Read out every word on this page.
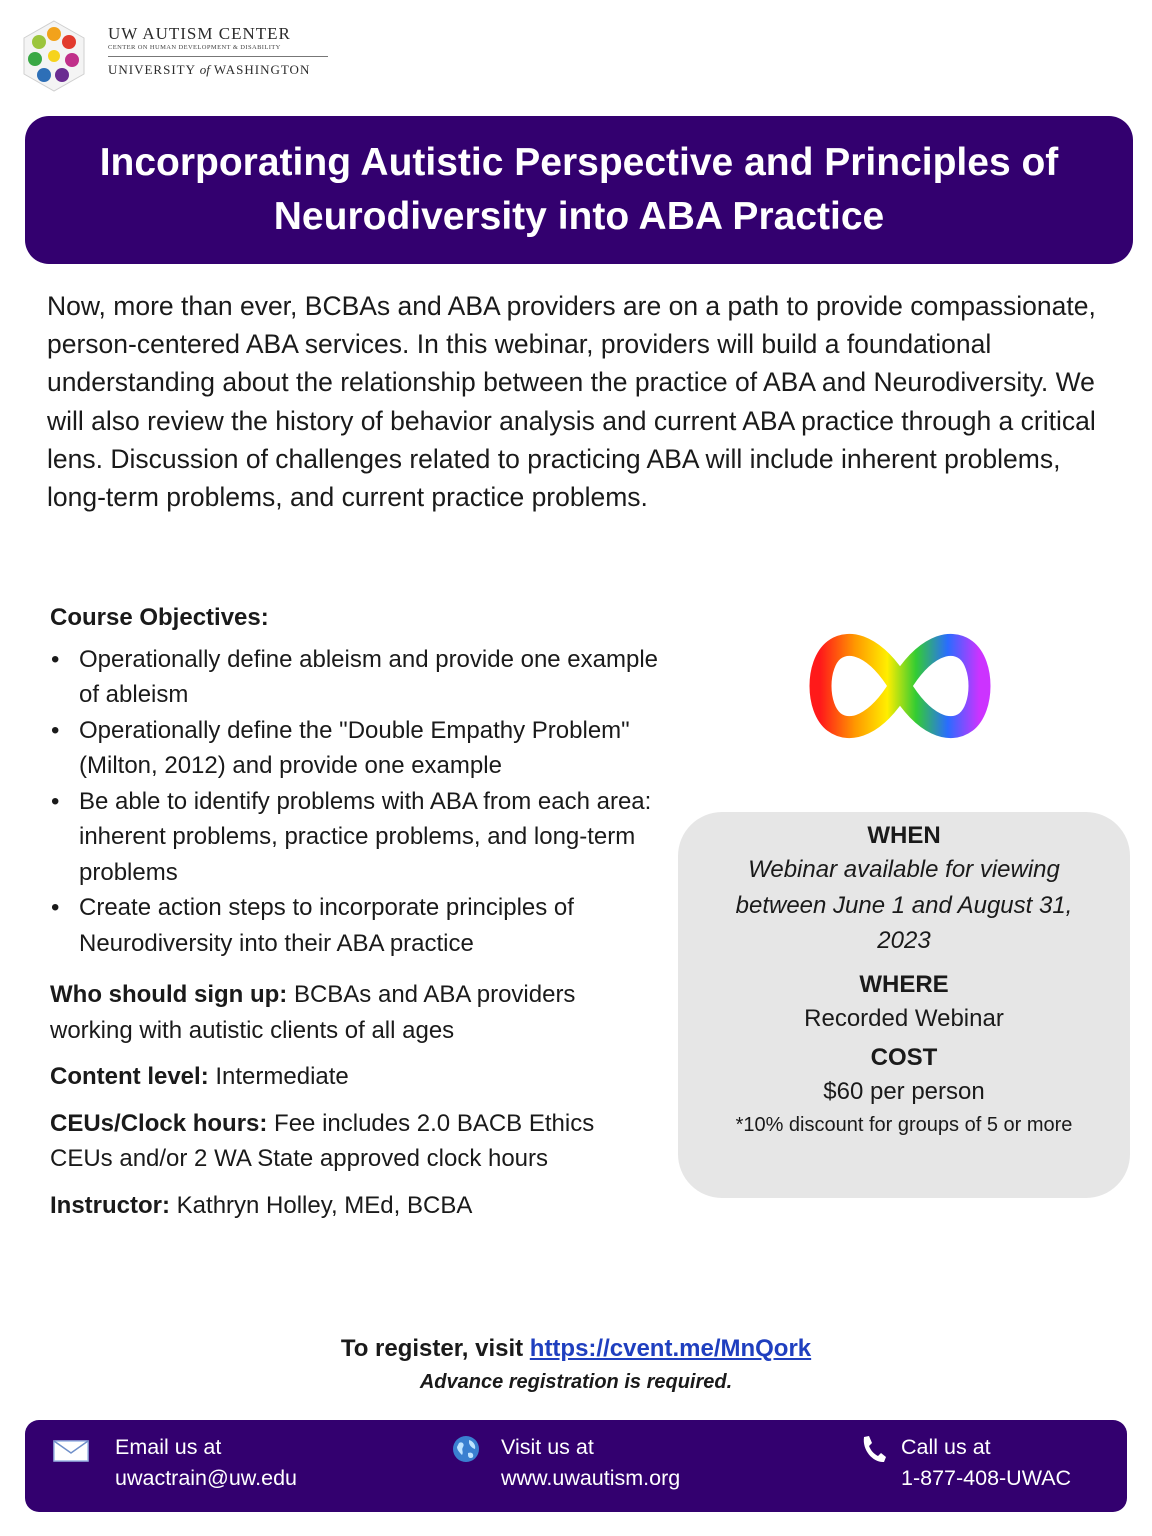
UW AUTISM CENTER
CENTER ON HUMAN DEVELOPMENT & DISABILITY
UNIVERSITY of WASHINGTON
Incorporating Autistic Perspective and Principles of Neurodiversity into ABA Practice

Now, more than ever, BCBAs and ABA providers are on a path to provide compassionate, person-centered ABA services. In this webinar, providers will build a foundational understanding about the relationship between the practice of ABA and Neurodiversity. We will also review the history of behavior analysis and current ABA practice through a critical lens. Discussion of challenges related to practicing ABA will include inherent problems, long-term problems, and current practice problems.

Course Objectives:
• Operationally define ableism and provide one example of ableism
• Operationally define the "Double Empathy Problem" (Milton, 2012) and provide one example
• Be able to identify problems with ABA from each area: inherent problems, practice problems, and long-term problems
• Create action steps to incorporate principles of Neurodiversity into their ABA practice
Who should sign up: BCBAs and ABA providers working with autistic clients of all ages
Content level: Intermediate
CEUs/Clock hours: Fee includes 2.0 BACB Ethics CEUs and/or 2 WA State approved clock hours
Instructor: Kathryn Holley, MEd, BCBA
WHEN
Webinar available for viewing between June 1 and August 31, 2023
WHERE
Recorded Webinar
COST
$60 per person
*10% discount for groups of 5 or more
To register, visit https://cvent.me/MnQork
Advance registration is required.
Email us at
uwactrain@uw.edu
Visit us at
www.uwautism.org
Call us at
1-877-408-UWAC
